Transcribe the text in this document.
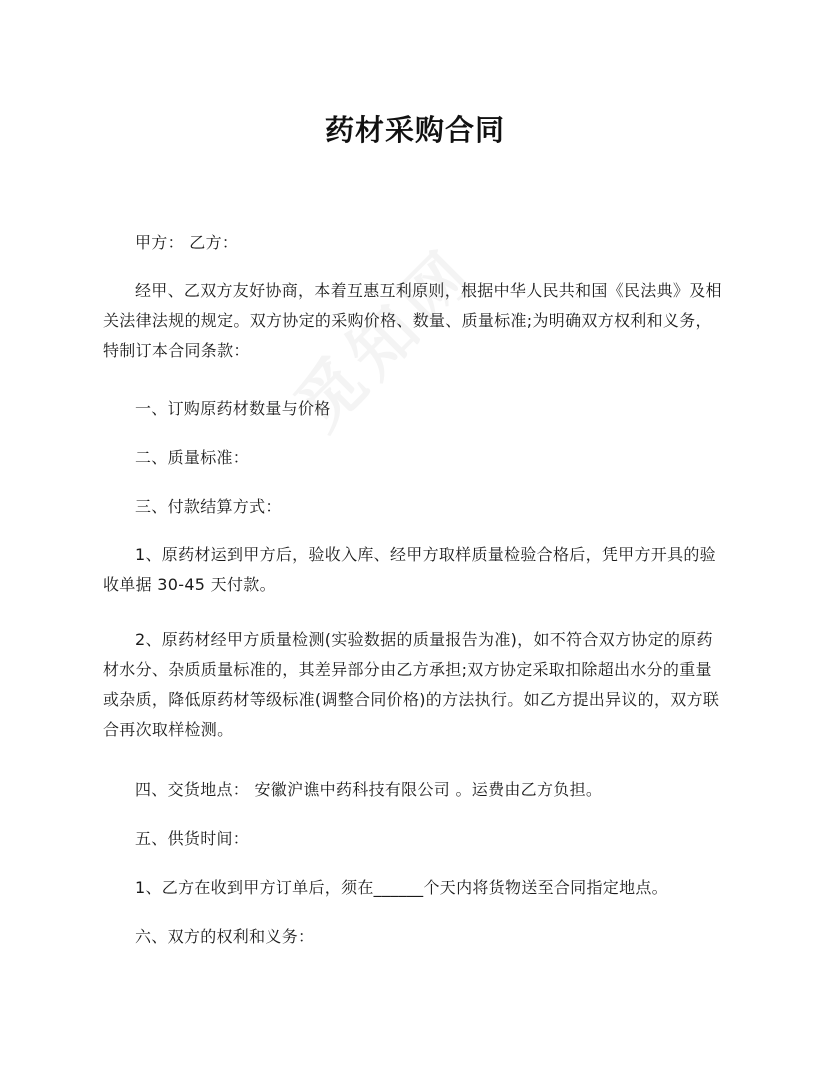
药材采购合同
甲方： 乙方：
经甲、乙双方友好协商，本着互惠互利原则，根据中华人民共和国《民法典》及相关法律法规的规定。双方协定的采购价格、数量、质量标准;为明确双方权利和义务，特制订本合同条款：
一、订购原药材数量与价格
二、质量标准：
三、付款结算方式：
1、原药材运到甲方后，验收入库、经甲方取样质量检验合格后，凭甲方开具的验收单据 30-45 天付款。
2、原药材经甲方质量检测(实验数据的质量报告为准)，如不符合双方协定的原药材水分、杂质质量标准的，其差异部分由乙方承担;双方协定采取扣除超出水分的重量或杂质，降低原药材等级标准(调整合同价格)的方法执行。如乙方提出异议的，双方联合再次取样检测。
四、交货地点： 安徽沪谯中药科技有限公司 。运费由乙方负担。
五、供货时间：
1、乙方在收到甲方订单后，须在______个天内将货物送至合同指定地点。
六、双方的权利和义务：
